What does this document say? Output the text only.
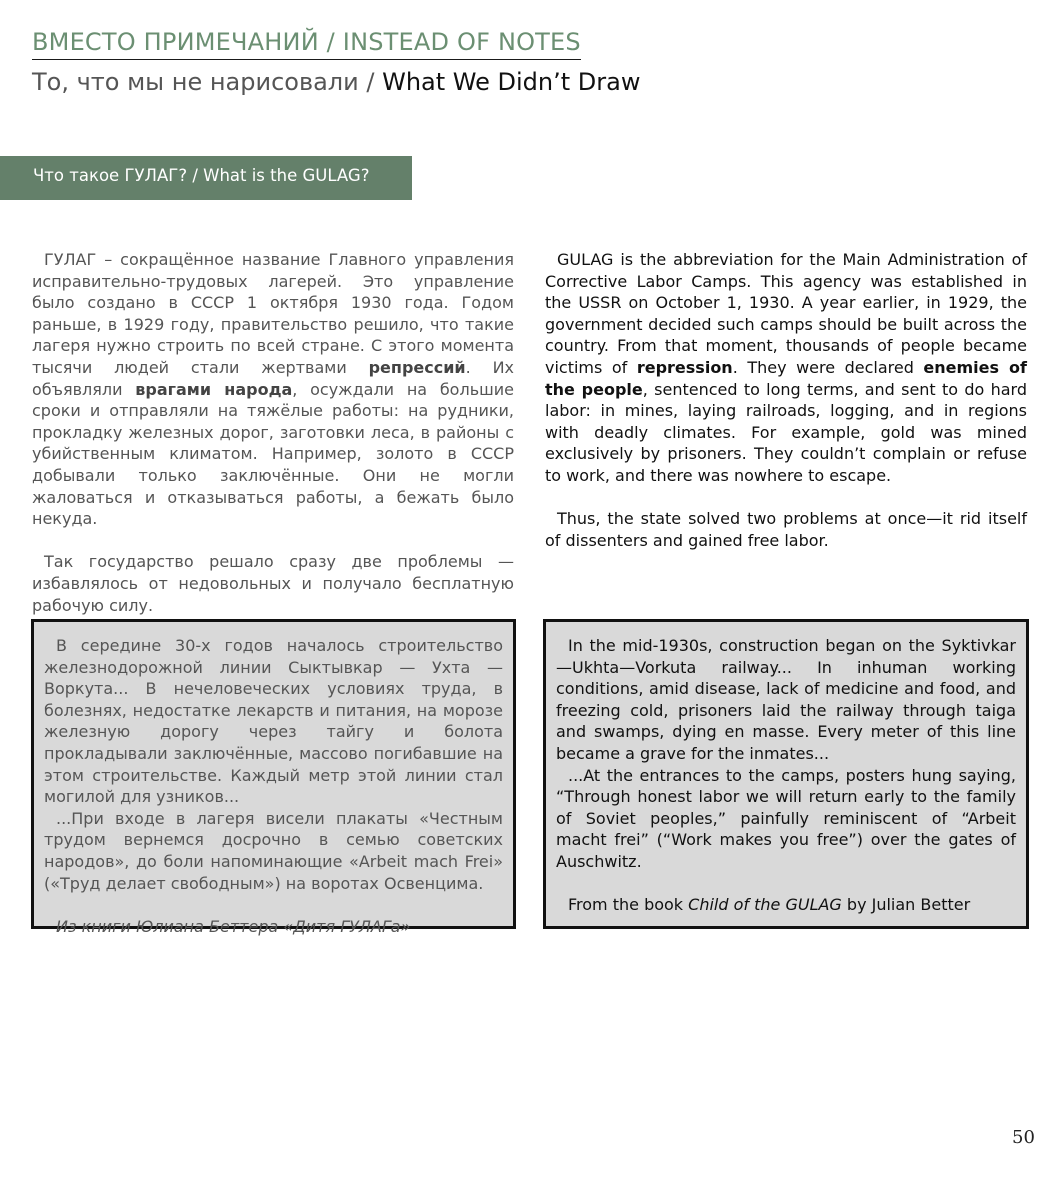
ВМЕСТО ПРИМЕЧАНИЙ / INSTEAD OF NOTES
То, что мы не нарисовали / What We Didn’t Draw
Что такое ГУЛАГ? / What is the GULAG?

ГУЛАГ – сокращённое название Главного управления исправительно-трудовых лагерей. Это управление было создано в СССР 1 октября 1930 года. Годом раньше, в 1929 году, правительство решило, что такие лагеря нужно строить по всей стране. С этого момента тысячи людей стали жертвами репрессий. Их объявляли врагами народа, осуждали на большие сроки и отправляли на тяжёлые работы: на рудники, прокладку железных дорог, заготовки леса, в районы с убийственным климатом. Например, золото в СССР добывали только заключённые. Они не могли жаловаться и отказываться работы, а бежать было некуда.

Так государство решало сразу две проблемы — избавлялось от недовольных и получало бесплатную рабочую силу.

GULAG is the abbreviation for the Main Administration of Corrective Labor Camps. This agency was established in the USSR on October 1, 1930. A year earlier, in 1929, the government decided such camps should be built across the country. From that moment, thousands of people became victims of repression. They were declared enemies of the people, sentenced to long terms, and sent to do hard labor: in mines, laying railroads, logging, and in regions with deadly climates. For example, gold was mined exclusively by prisoners. They couldn’t complain or refuse to work, and there was nowhere to escape.

Thus, the state solved two problems at once—it rid itself of dissenters and gained free labor.

В середине 30-х годов началось строительство железнодорожной линии Сыктывкар — Ухта — Воркута... В нечеловеческих условиях труда, в болезнях, недостатке лекарств и питания, на морозе железную дорогу через тайгу и болота прокладывали заключённые, массово погибавшие на этом строительстве. Каждый метр этой линии стал могилой для узников...

...При входе в лагеря висели плакаты «Честным трудом вернемся досрочно в семью советских народов», до боли напоминающие «Arbeit mach Frei» («Труд делает свободным») на воротах Освенцима.

Из книги Юлиана Беттера «Дитя ГУЛАГа»

In the mid-1930s, construction began on the Syktivkar—Ukhta—Vorkuta railway... In inhuman working conditions, amid disease, lack of medicine and food, and freezing cold, prisoners laid the railway through taiga and swamps, dying en masse. Every meter of this line became a grave for the inmates...

...At the entrances to the camps, posters hung saying, “Through honest labor we will return early to the family of Soviet peoples,” painfully reminiscent of “Arbeit macht frei” (“Work makes you free”) over the gates of Auschwitz.

From the book Child of the GULAG by Julian Better

50
